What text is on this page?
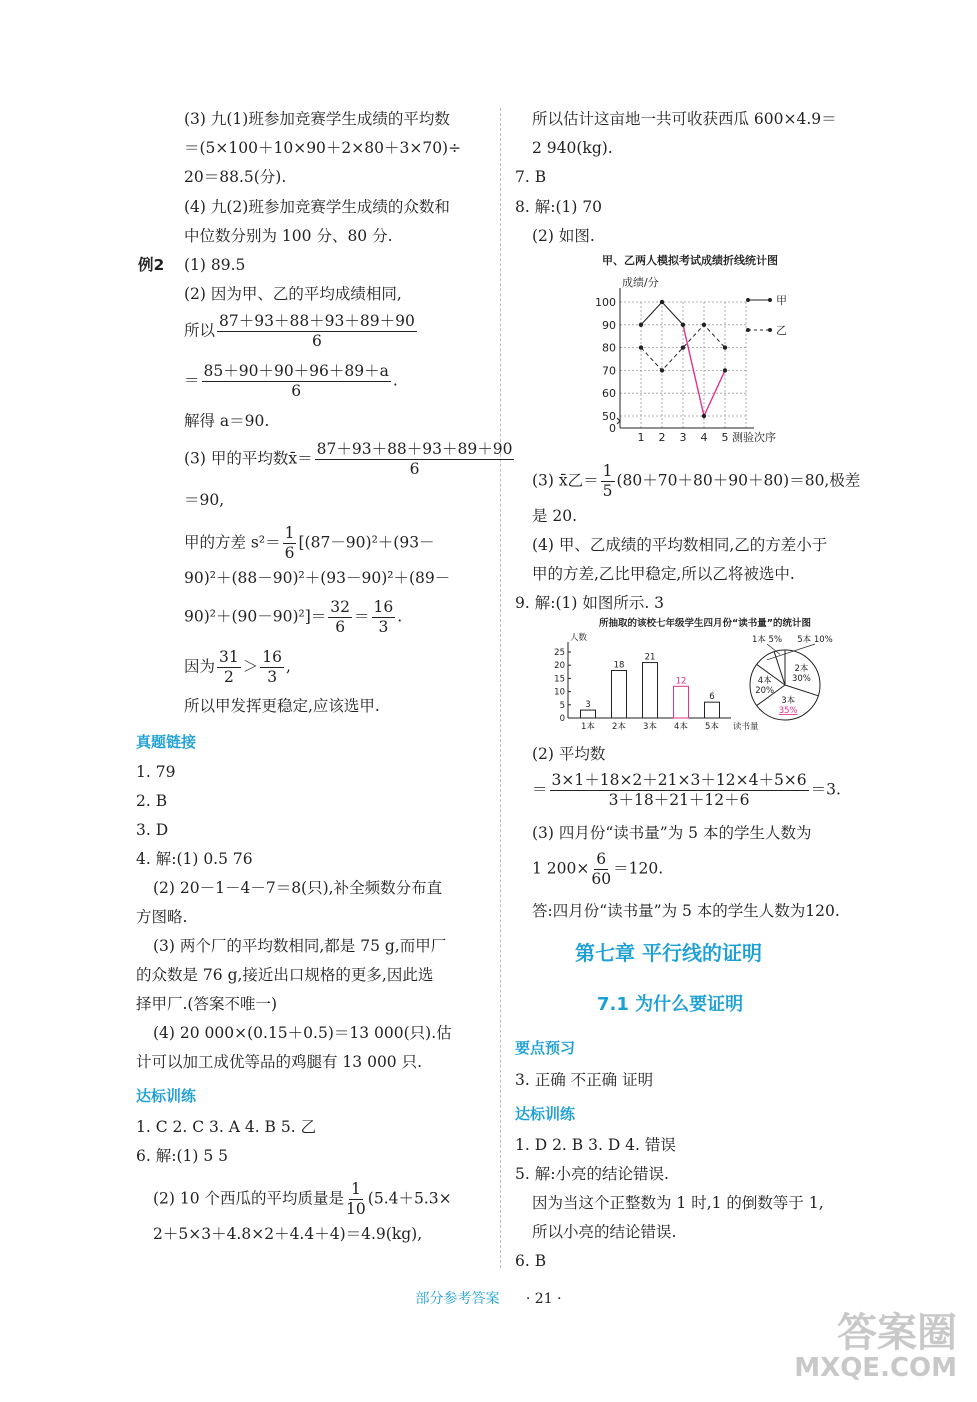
(3) 九(1)班参加竞赛学生成绩的平均数
＝(5×100＋10×90＋2×80＋3×70)÷
20＝88.5(分).
(4) 九(2)班参加竞赛学生成绩的众数和
中位数分别为 100 分、80 分.
例2 (1) 89.5
(2) 因为甲、乙的平均成绩相同,
所以 $\frac{87+93+88+93+89+90}{6}$
＝ $\frac{85+90+90+96+89+a}{6}$ .
解得 a＝90.
(3) 甲的平均数x̄＝ $\frac{87+93+88+93+89+90}{6}$
＝90,
甲的方差 $s^2= \frac{1}{6} [(87-90)^2+(93-$
90)²＋(88－90)²＋(93－90)²＋(89－
$90)^2+(90-90)^2]= \frac{32}{6} = \frac{16}{3}$ .
因为 $\frac{31}{2} > \frac{16}{3}$ ,
所以甲发挥更稳定,应该选甲.
真题链接
1. 79
2. B
3. D
4. 解:(1) 0.5 76
(2) 20－1－4－7＝8(只),补全频数分布直
方图略.
(3) 两个厂的平均数相同,都是 75 g,而甲厂
的众数是 76 g,接近出口规格的更多,因此选
择甲厂.(答案不唯一)
(4) 20 000×(0.15＋0.5)＝13 000(只).估
计可以加工成优等品的鸡腿有 13 000 只.
达标训练
1. C 2. C 3. A 4. B 5. 乙
6. 解:(1) 5 5
(2) 10 个西瓜的平均质量是 $\frac{1}{10} (5.4+5.3\times$
2＋5×3＋4.8×2＋4.4＋4)＝4.9(kg),
所以估计这亩地一共可收获西瓜 600×4.9＝
2 940(kg).
7. B
8. 解:(1) 70
(2) 如图.
甲、乙两人模拟考试成绩折线统计图
成绩/分
测验次序
0
50
60
70
80
90
100
1 2 3 4 5
甲
乙
(3) x̄乙＝ $\frac{1}{5} (80+70+80+90+80)=80$,极差
是 20.
(4) 甲、乙成绩的平均数相同,乙的方差小于
甲的方差,乙比甲稳定,所以乙将被选中.
9. 解:(1) 如图所示. 3
所抽取的该校七年级学生四月份“读书量”的统计图
人数
读书量
0
5
10
15
20
25
3
1本
18
2本
21
3本
12
4本
6
5本
1本 5%
2本
30%
3本
35%
4本
20%
5本 10%
(2) 平均数
＝ $\frac{3\times 1+18\times 2+21\times 3+12\times 4+5\times 6}{3+18+21+12+6} =3$.
(3) 四月份“读书量”为 5 本的学生人数为
1 $200\times \frac{6}{60} =120$.
答:四月份“读书量”为 5 本的学生人数为120.
第七章 平行线的证明
7.1 为什么要证明
要点预习
3. 正确 不正确 证明
达标训练
1. D 2. B 3. D 4. 错误
5. 解:小亮的结论错误.
因为当这个正整数为 1 时,1 的倒数等于 1,
所以小亮的结论错误.
6. B
部分参考答案 · 21 ·
答案圈
MXQE.COM
